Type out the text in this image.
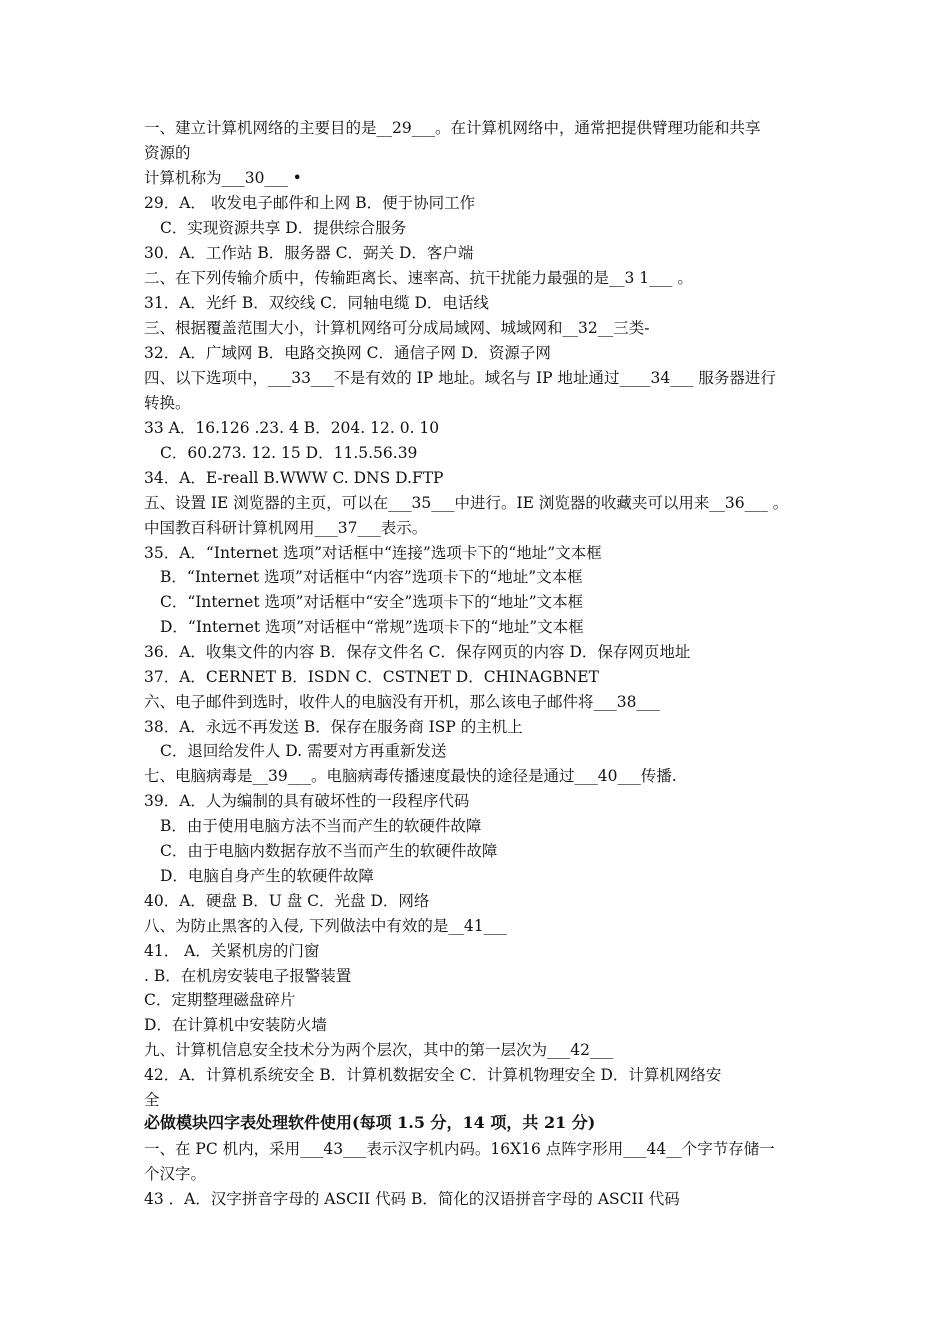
一、建立计算机网络的主要目的是__29___。在计算机网络中，通常把提供臂理功能和共享
资源的
计算机称为___30___ •
29．A． 收发电子邮件和上网 B．便于协同工作
C．实现资源共享 D．提供综合服务
30．A．工作站 B．服务器 C．弼关 D．客户端
二、在下列传输介质中，传输距离长、速率高、抗干扰能力最强的是__3 1___ 。
31．A．光纤 B．双绞线 C．同轴电缆 D．电话线
三、根据覆盖范围大小，计算机网络可分成局域网、城域网和__32__三类-
32．A．广域网 B．电路交换网 C．通信子网 D．资源子网
四、以下选项中，___33___不是有效的 IP 地址。域名与 IP 地址通过____34___ 服务器进行
转换。
33 A．16.126 .23. 4 B．204. 12. 0. 10
C．60.273. 12. 15 D．11.5.56.39
34．A．E-reall B.WWW C. DNS D.FTP
五、设置 IE 浏览器的主页，可以在___35___中进行。IE 浏览器的收藏夹可以用来__36___ 。
中国教百科研计算机网用___37___表示。
35．A．“Internet 选项”对话框中“连接”选项卡下的“地址”文本框
B．“Internet 选项”对话框中“内容”选项卡下的“地址”文本框
C．“Internet 选项”对话框中“安全”选项卡下的“地址”文本框
D．“Internet 选项”对话框中“常规”选项卡下的“地址”文本框
36．A．收集文件的内容 B．保存文件名 C．保存网页的内容 D．保存网页地址
37．A．CERNET B．ISDN C．CSTNET D．CHINAGBNET
六、电子邮件到选时，收件人的电脑没有开机，那么该电子邮件将___38___
38．A．永远不再发送 B．保存在服务商 ISP 的主机上
C．退回给发件人 D. 需要对方再重新发送
七、电脑病毒是__39___。电脑病毒传播速度最快的途径是通过___40___传播.
39．A．人为编制的具有破坏性的一段程序代码
B．由于使用电脑方法不当而产生的软硬件故障
C．由于电脑内数据存放不当而产生的软硬件故障
D．电脑自身产生的软硬件故障
40．A．硬盘 B．U 盘 C．光盘 D．网络
八、为防止黑客的入侵, 下列做法中有效的是__41___
41． A．关紧机房的门窗
. B．在机房安装电子报警装置
C．定期整理磁盘碎片
D．在计算机中安装防火墙
九、计算机信息安全技术分为两个层次，其中的第一层次为___42___
42．A．计算机系统安全 B．计算机数据安全 C．计算机物理安全 D．计算机网络安
全
必做模块四字表处理软件使用(每项 1.5 分，14 项，共 21 分)
一、在 PC 机内，采用___43___表示汉字机内码。16X16 点阵字形用___44__个字节存储一
个汉字。
43 ．A．汉字拼音字母的 ASCII 代码 B．简化的汉语拼音字母的 ASCII 代码
